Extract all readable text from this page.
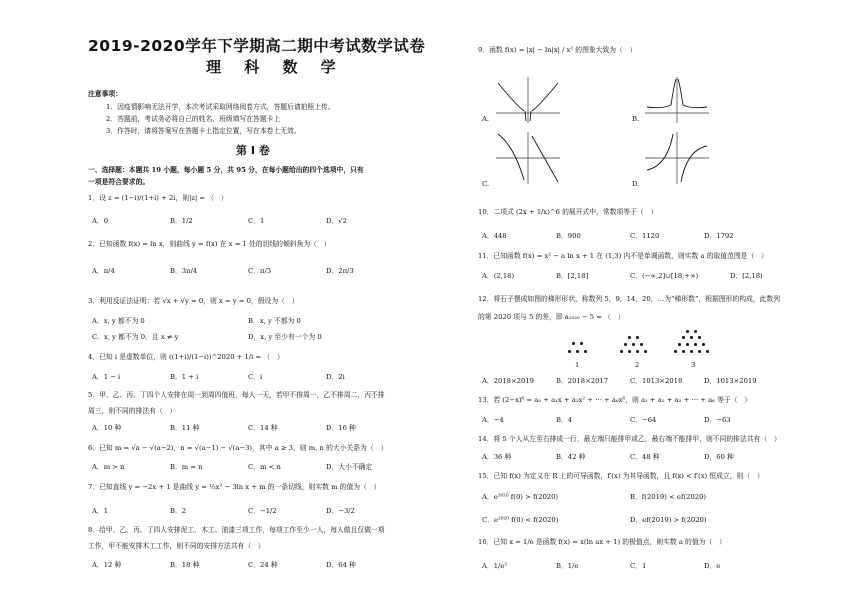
2019-2020学年下学期高二期中考试数学试卷
理 科 数 学
注意事项：
1．因疫情影响无法开学，本次考试采取网络阅卷方式，答题后请拍照上传。
2．答题前，考试务必将自己的姓名、班级填写在答题卡上
3．作答时，请将答案写在答题卡上指定位置，写在本卷上无效。
第 I 卷
一、选择题：本题共 19 小题，每小题 5 分，共 95 分，在每小题给出的四个选项中，只有
一项是符合要求的。
1．设 z = (1−i)/(1+i) + 2i，则|z| = （　）
A．0	B．1/2	C．1	D．√2
2．已知函数 f(x) = ln x，则曲线 y = f(x) 在 x = 1 处的切线的倾斜角为（　）
A．π/4	B．3π/4	C．π/3	D．2π/3
3．利用反证法证明：若 √x + √y = 0，则 x = y = 0，假设为（　）
A．x, y 都不为 0	B．x, y 不都为 0
C．x, y 都不为 0，且 x ≠ y	D．x, y 至少有一个为 0
4．已知 i 是虚数单位，则 ((1+i)/(1−i))^2020 + 1/i = （　）
A．1 − i	B．1 + i	C．i	D．2i
5．甲、乙、丙、丁四个人安排在周一到周四值班，每人一天，若甲不排周一，乙不排周二，丙不排
周三，则不同的排法有（　）
A．10 种	B．11 种	C．14 种	D．16 种
6．已知 m = √a − √(a−2)，n = √(a−1) − √(a−3)，其中 a ≥ 3，则 m, n 的大小关系为（　）
A．m > n	B．m = n	C．m < n	D．大小不确定
7．已知直线 y = −2x + 1 是曲线 y = ½x² − 3ln x + m 的一条切线，则实数 m 的值为（　）
A．1	B．2	C．−1/2	D．−3/2
8．给甲、乙、丙、丁四人安排泥工、木工、油漆三项工作，每项工作至少一人，每人做且仅做一项
工作，甲不能安排木工工作，则不同的安排方法共有（　）
A．12 种	B．18 种	C．24 种	D．64 种
9．函数 f(x) = |x| − ln|x| / x² 的图象大致为（　）
A.	B.
C.	D.
10．二项式 (2x + 1/x)^6 的展开式中，常数项等于（　）
A．448	B．900	C．1120	D．1792
11．已知函数 f(x) = x² − a ln x + 1 在 (1,3) 内不是单调函数，则实数 a 的取值范围是（　）
A．(2,18)	B．[2,18]	C．(−∞,2]∪[18,+∞)	D．[2,18)
12．将石子摆成如图的梯形形状，称数列 5，9，14，20，…为“梯形数”，根据图形的构成，此数列
的第 2020 项与 5 的差，即 a₂₀₂₀ − 5 = （　）
1	2	3
A．2018×2019	B．2018×2017	C．1013×2018	D．1013×2019
13．若 (2−x)⁶ = a₀ + a₁x + a₂x² + ⋯ + a₆x⁶，则 a₁ + a₂ + a₃ + ⋯ + a₆ 等于（　）
A．−4	B．4	C．−64	D．−63
14．将 5 个人从左至右排成一行，最左端只能排甲或乙，最右端不能排甲，则不同的排法共有（　）
A．36 种	B．42 种	C．48 种	D．60 种
15．已知 f(x) 为定义在 R 上的可导函数，f′(x) 为其导函数，且 f(x) < f′(x) 恒成立，则（　）
A．e²⁰²⁰ f(0) > f(2020)	B．f(2019) < ef(2020)
C．e²⁰²⁰ f(0) < f(2020)	D．ef(2019) > f(2020)
16．已知 x = 1/e 是函数 f(x) = x(ln ax + 1) 的极值点，则实数 a 的值为（　）
A．1/e²	B．1/e	C．1	D．e
